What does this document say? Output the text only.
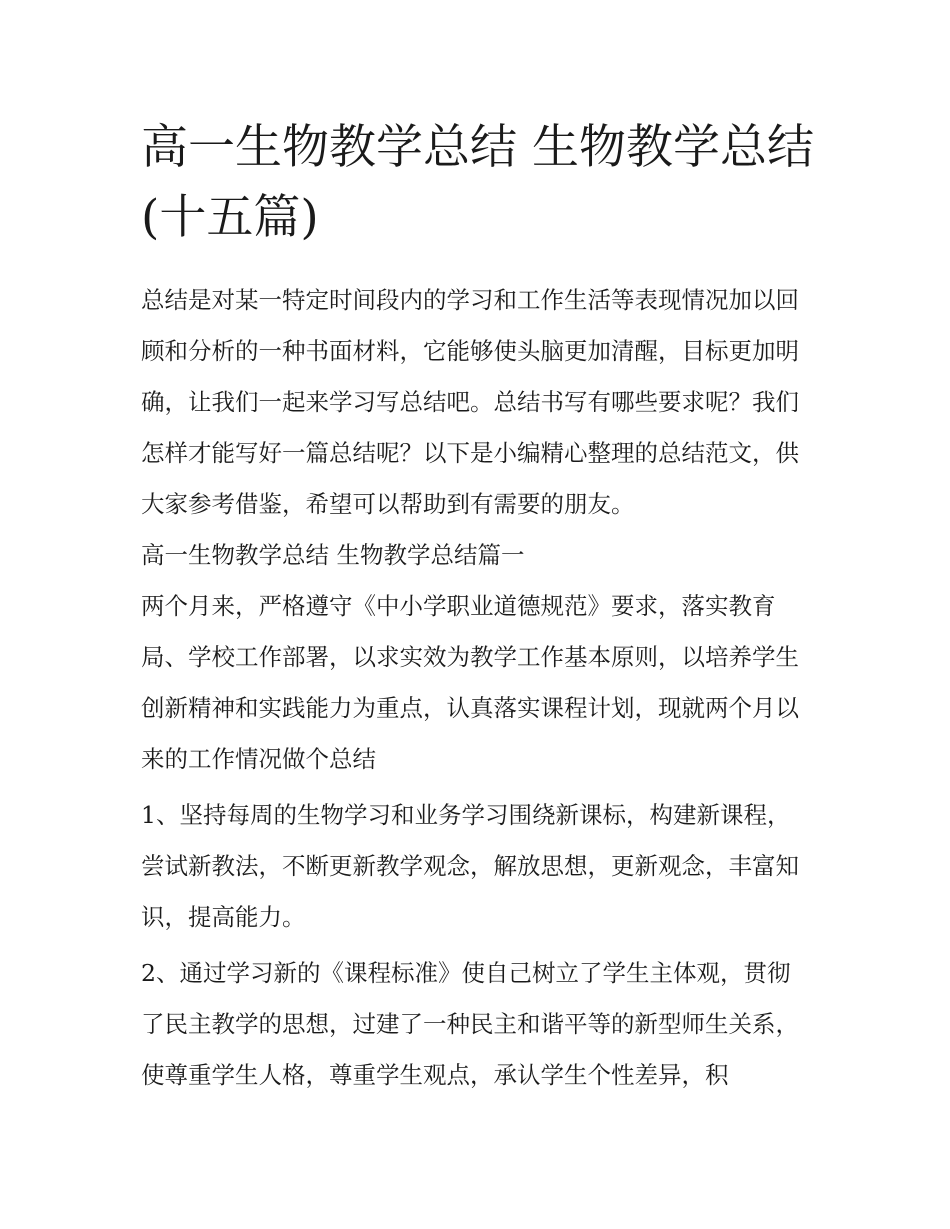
高一生物教学总结 生物教学总结(十五篇)

总结是对某一特定时间段内的学习和工作生活等表现情况加以回顾和分析的一种书面材料，它能够使头脑更加清醒，目标更加明确，让我们一起来学习写总结吧。总结书写有哪些要求呢？我们怎样才能写好一篇总结呢？以下是小编精心整理的总结范文，供大家参考借鉴，希望可以帮助到有需要的朋友。

高一生物教学总结 生物教学总结篇一

两个月来，严格遵守《中小学职业道德规范》要求，落实教育局、学校工作部署，以求实效为教学工作基本原则，以培养学生创新精神和实践能力为重点，认真落实课程计划，现就两个月以来的工作情况做个总结

1、坚持每周的生物学习和业务学习围绕新课标，构建新课程，尝试新教法，不断更新教学观念，解放思想，更新观念，丰富知识，提高能力。

2、通过学习新的《课程标准》使自己树立了学生主体观，贯彻了民主教学的思想，过建了一种民主和谐平等的新型师生关系，使尊重学生人格，尊重学生观点，承认学生个性差异，积
